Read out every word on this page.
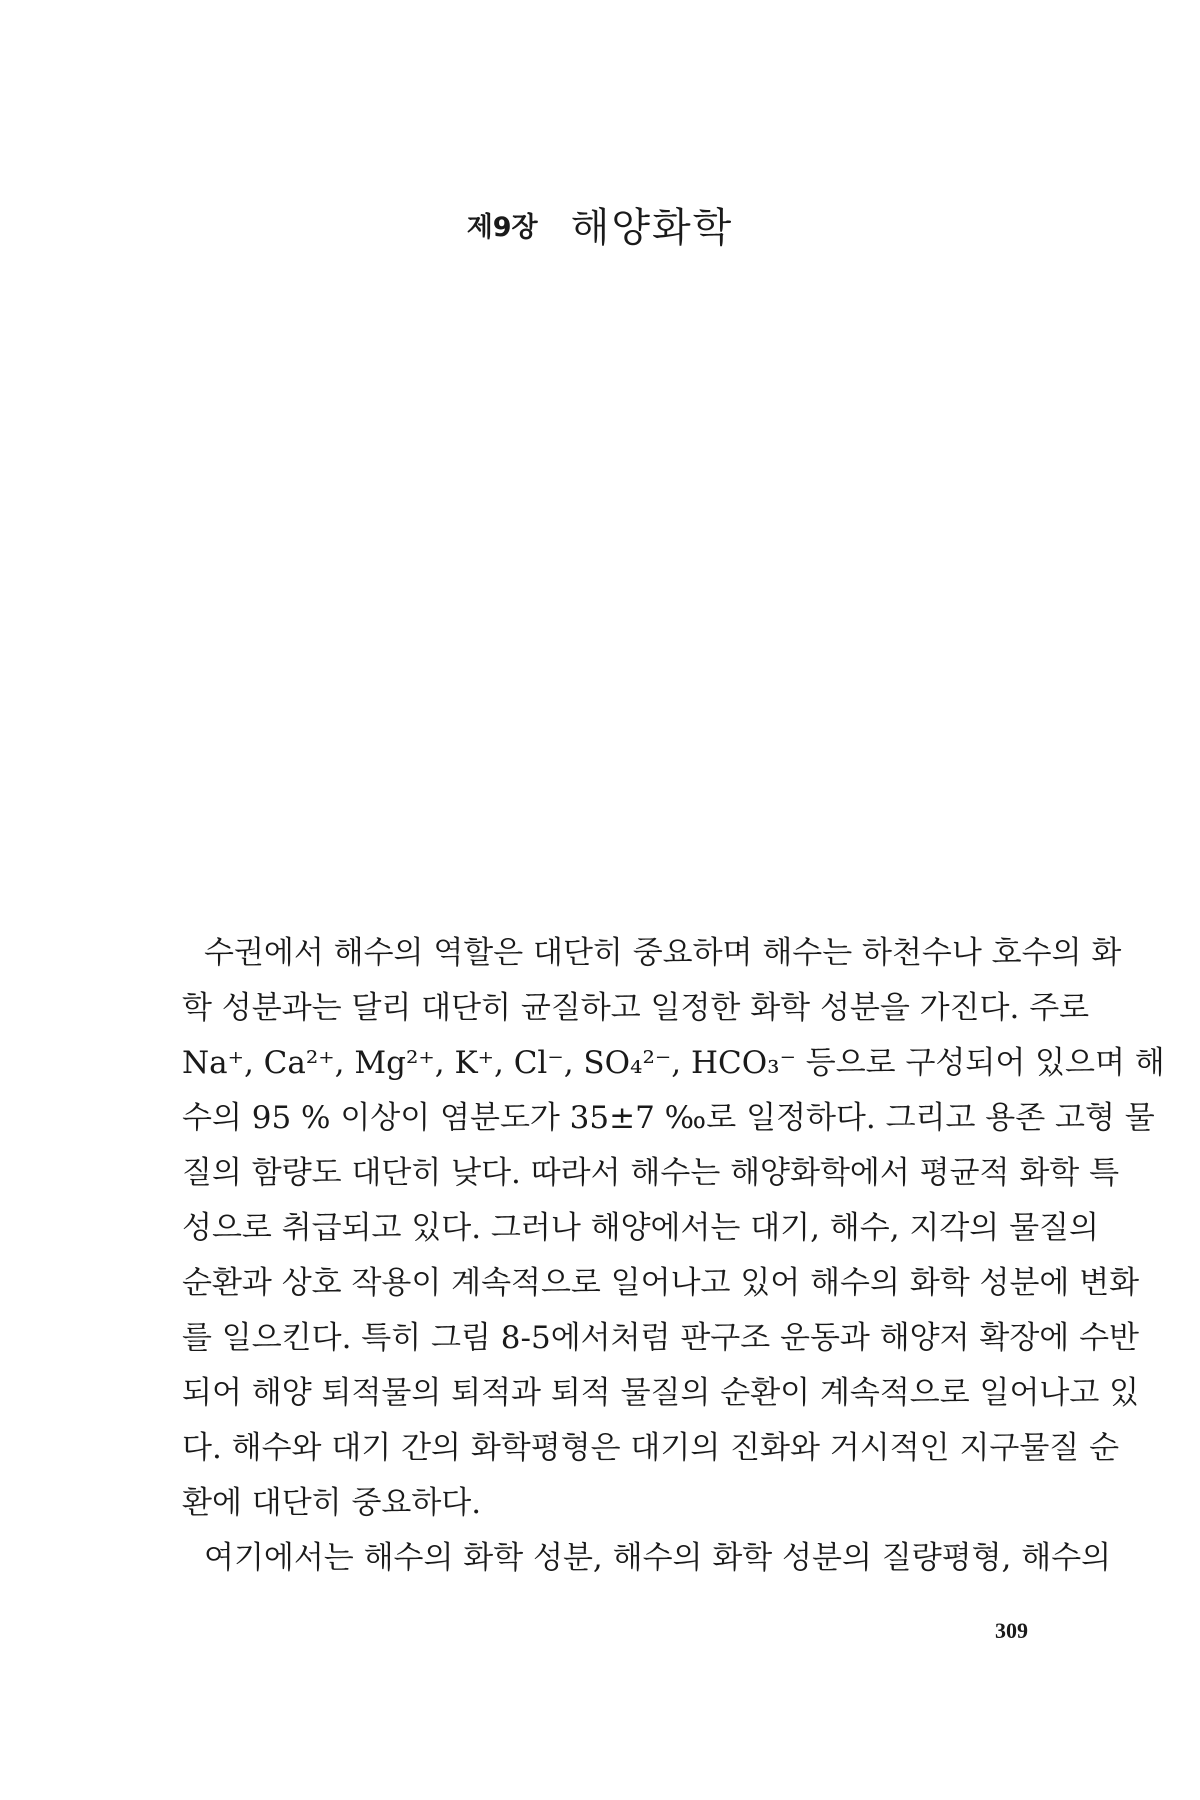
제9장 해양화학
수권에서 해수의 역할은 대단히 중요하며 해수는 하천수나 호수의 화
학 성분과는 달리 대단히 균질하고 일정한 화학 성분을 가진다. 주로
Na⁺, Ca²⁺, Mg²⁺, K⁺, Cl⁻, SO₄²⁻, HCO₃⁻ 등으로 구성되어 있으며 해
수의 95 % 이상이 염분도가 35±7 ‰로 일정하다. 그리고 용존 고형 물
질의 함량도 대단히 낮다. 따라서 해수는 해양화학에서 평균적 화학 특
성으로 취급되고 있다. 그러나 해양에서는 대기, 해수, 지각의 물질의
순환과 상호 작용이 계속적으로 일어나고 있어 해수의 화학 성분에 변화
를 일으킨다. 특히 그림 8-5에서처럼 판구조 운동과 해양저 확장에 수반
되어 해양 퇴적물의 퇴적과 퇴적 물질의 순환이 계속적으로 일어나고 있
다. 해수와 대기 간의 화학평형은 대기의 진화와 거시적인 지구물질 순
환에 대단히 중요하다.
여기에서는 해수의 화학 성분, 해수의 화학 성분의 질량평형, 해수의
309
